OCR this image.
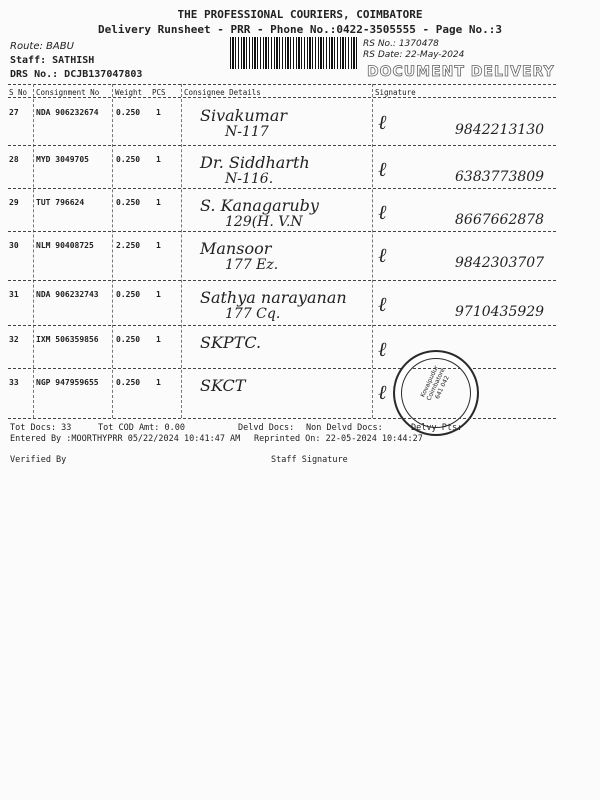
THE PROFESSIONAL COURIERS, COIMBATORE
Delivery Runsheet - PRR - Phone No.:0422-3505555 - Page No.:3
Route: BABU
Staff: SATHISH
DRS No.: DCJB137047803
RS No.: 1370478
RS Date: 22-May-2024
DOCUMENT DELIVERY
S No Consignment No Weight PCS Consignee Details	Signature
27 NDA 906232674 0.250 1 Sivakumar
N-117	9842213130
ℓ
28 MYD 3049705	0.250 1 Dr. Siddharth
N-116.	6383773809
ℓ
29 TUT 796624	0.250 1 S. Kanagaruby
129(H. V.N	8667662878
ℓ
30 NLM 90408725	2.250 1 Mansoor
177 Ez.	9842303707
ℓ
31 NDA 906232743 0.250 1 Sathya narayanan
177 Cq.	9710435929
ℓ
32 IXM 506359856 0.250 1 SKPTC.	ℓ
33 NGP 947959655 0.250 1 SKCT	ℓ	Kovaipudur Coimbatore 641 042
Tot Docs: 33	Tot COD Amt: 0.00	Delvd Docs: Non Delvd Docs:	Delvy Pts:
Entered By :MOORTHYPRR 05/22/2024 10:41:47 AM Reprinted On: 22-05-2024 10:44:27
Verified By	Staff Signature
